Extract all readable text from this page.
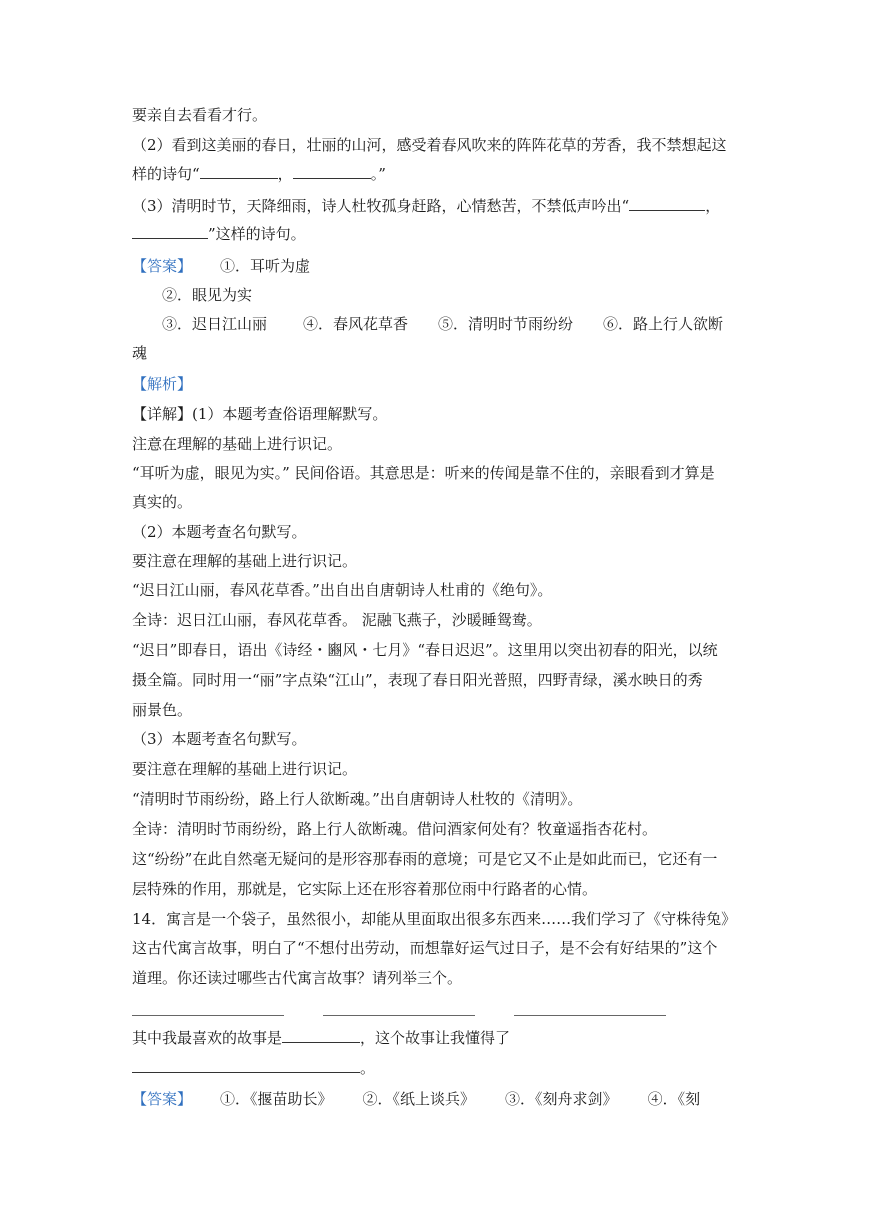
要亲自去看看才行。
（2）看到这美丽的春日，壮丽的山河，感受着春风吹来的阵阵花草的芳香，我不禁想起这
样的诗句“	，	。”
（3）清明时节，天降细雨，诗人杜牧孤身赶路，心情愁苦，不禁低声吟出“	，
”这样的诗句。
【答案】 ①．耳听为虚
②．眼见为实
③．迟日江山丽 ④．春风花草香 ⑤．清明时节雨纷纷 ⑥．路上行人欲断
魂
【解析】
【详解】(1）本题考查俗语理解默写。
注意在理解的基础上进行识记。
“耳听为虚，眼见为实。” 民间俗语。其意思是：听来的传闻是靠不住的，亲眼看到才算是
真实的。
（2）本题考查名句默写。
要注意在理解的基础上进行识记。
“迟日江山丽，春风花草香。”出自出自唐朝诗人杜甫的《绝句》。
全诗：迟日江山丽，春风花草香。 泥融飞燕子，沙暖睡鸳鸯。
“迟日”即春日，语出《诗经・豳风・七月》“春日迟迟”。这里用以突出初春的阳光，以统
摄全篇。同时用一“丽”字点染“江山”，表现了春日阳光普照，四野青绿，溪水映日的秀
丽景色。
（3）本题考查名句默写。
要注意在理解的基础上进行识记。
“清明时节雨纷纷，路上行人欲断魂。”出自唐朝诗人杜牧的《清明》。
全诗：清明时节雨纷纷，路上行人欲断魂。借问酒家何处有？牧童遥指杏花村。
这“纷纷”在此自然毫无疑问的是形容那春雨的意境；可是它又不止是如此而已，它还有一
层特殊的作用，那就是，它实际上还在形容着那位雨中行路者的心情。
14．寓言是一个袋子，虽然很小，却能从里面取出很多东西来……我们学习了《守株待兔》
这古代寓言故事，明白了“不想付出劳动，而想靠好运气过日子，是不会有好结果的”这个
道理。你还读过哪些古代寓言故事？请列举三个。
其中我最喜欢的故事是	，这个故事让我懂得了
。
【答案】 ①．《揠苗助长》 ②．《纸上谈兵》 ③．《刻舟求剑》 ④．《刻
